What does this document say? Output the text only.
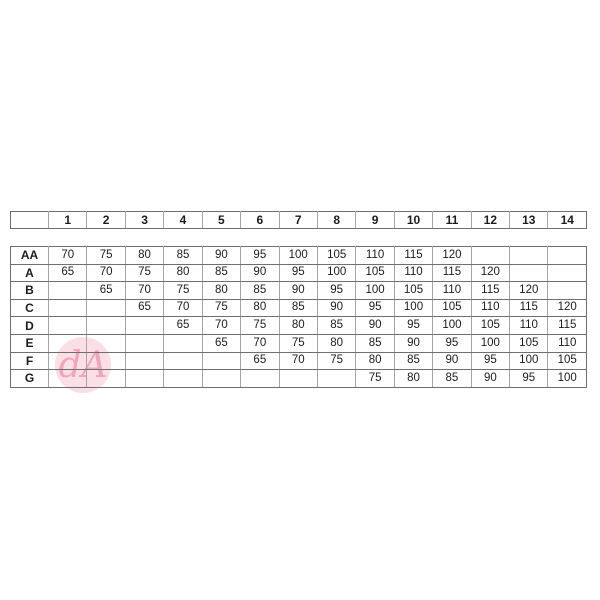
dA
	1	2	3	4	5	6	7	8	9	10	11	12	13	14
AA	70	75	80	85	90	95	100	105	110	115	120			
A	65	70	75	80	85	90	95	100	105	110	115	120		
B		65	70	75	80	85	90	95	100	105	110	115	120	
C			65	70	75	80	85	90	95	100	105	110	115	120
D				65	70	75	80	85	90	95	100	105	110	115
E					65	70	75	80	85	90	95	100	105	110
F						65	70	75	80	85	90	95	100	105
G									75	80	85	90	95	100
